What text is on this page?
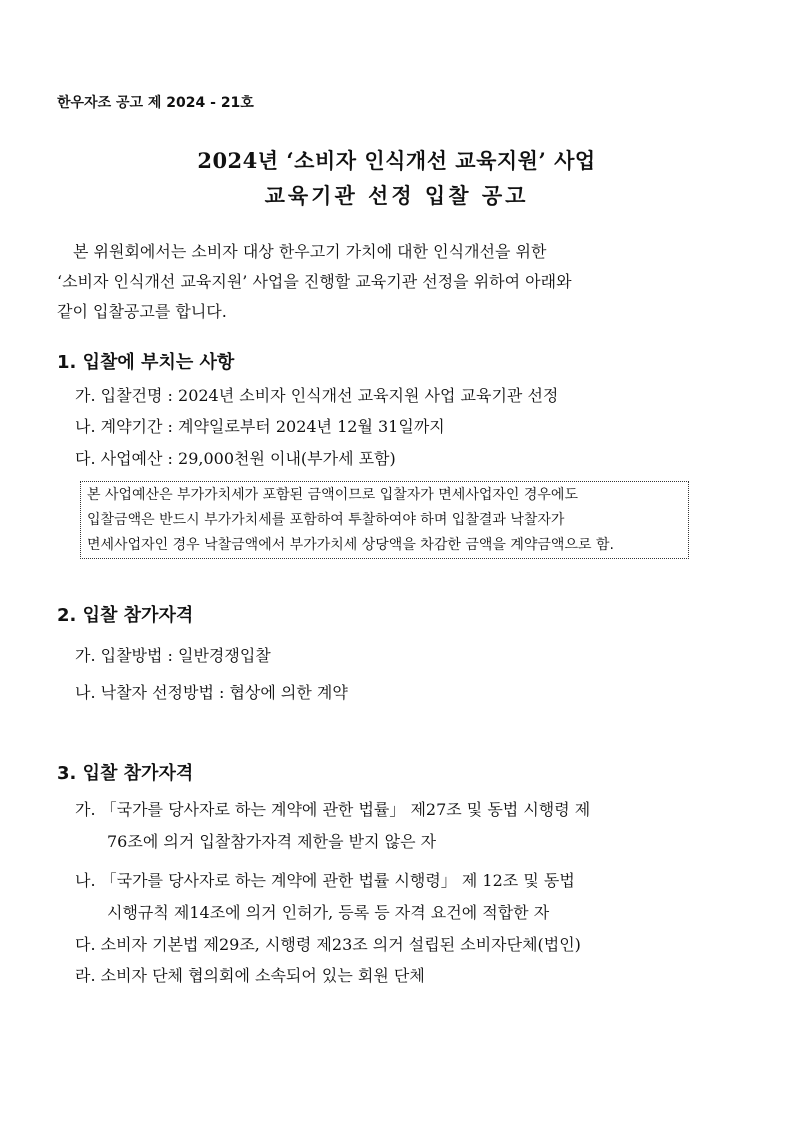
한우자조 공고 제 2024 - 21호
2024년 ‘소비자 인식개선 교육지원’ 사업
교육기관 선정 입찰 공고
본 위원회에서는 소비자 대상 한우고기 가치에 대한 인식개선을 위한
‘소비자 인식개선 교육지원’ 사업을 진행할 교육기관 선정을 위하여 아래와
같이 입찰공고를 합니다.
1. 입찰에 부치는 사항
가. 입찰건명 : 2024년 소비자 인식개선 교육지원 사업 교육기관 선정
나. 계약기간 : 계약일로부터 2024년 12월 31일까지
다. 사업예산 : 29,000천원 이내(부가세 포함)
본 사업예산은 부가가치세가 포함된 금액이므로 입찰자가 면세사업자인 경우에도
입찰금액은 반드시 부가가치세를 포함하여 투찰하여야 하며 입찰결과 낙찰자가
면세사업자인 경우 낙찰금액에서 부가가치세 상당액을 차감한 금액을 계약금액으로 함.
2. 입찰 참가자격
가. 입찰방법 : 일반경쟁입찰
나. 낙찰자 선정방법 : 협상에 의한 계약
3. 입찰 참가자격
가. 「국가를 당사자로 하는 계약에 관한 법률」 제27조 및 동법 시행령 제
76조에 의거 입찰참가자격 제한을 받지 않은 자
나. 「국가를 당사자로 하는 계약에 관한 법률 시행령」 제 12조 및 동법
시행규칙 제14조에 의거 인허가, 등록 등 자격 요건에 적합한 자
다. 소비자 기본법 제29조, 시행령 제23조 의거 설립된 소비자단체(법인)
라. 소비자 단체 협의회에 소속되어 있는 회원 단체
